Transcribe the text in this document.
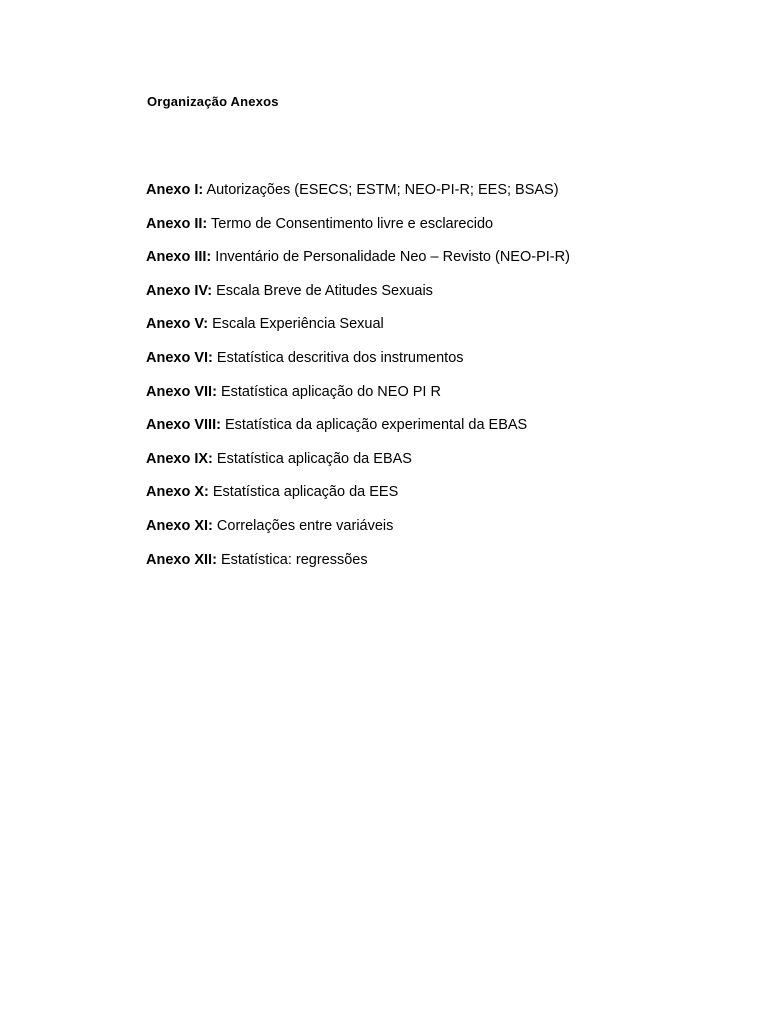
Organização Anexos
Anexo I: Autorizações (ESECS; ESTM; NEO-PI-R; EES; BSAS)
Anexo II: Termo de Consentimento livre e esclarecido
Anexo III: Inventário de Personalidade Neo – Revisto (NEO-PI-R)
Anexo IV: Escala Breve de Atitudes Sexuais
Anexo V: Escala Experiência Sexual
Anexo VI: Estatística descritiva dos instrumentos
Anexo VII: Estatística aplicação do NEO PI R
Anexo VIII: Estatística da aplicação experimental da EBAS
Anexo IX: Estatística aplicação da EBAS
Anexo X: Estatística aplicação da EES
Anexo XI: Correlações entre variáveis
Anexo XII: Estatística: regressões
